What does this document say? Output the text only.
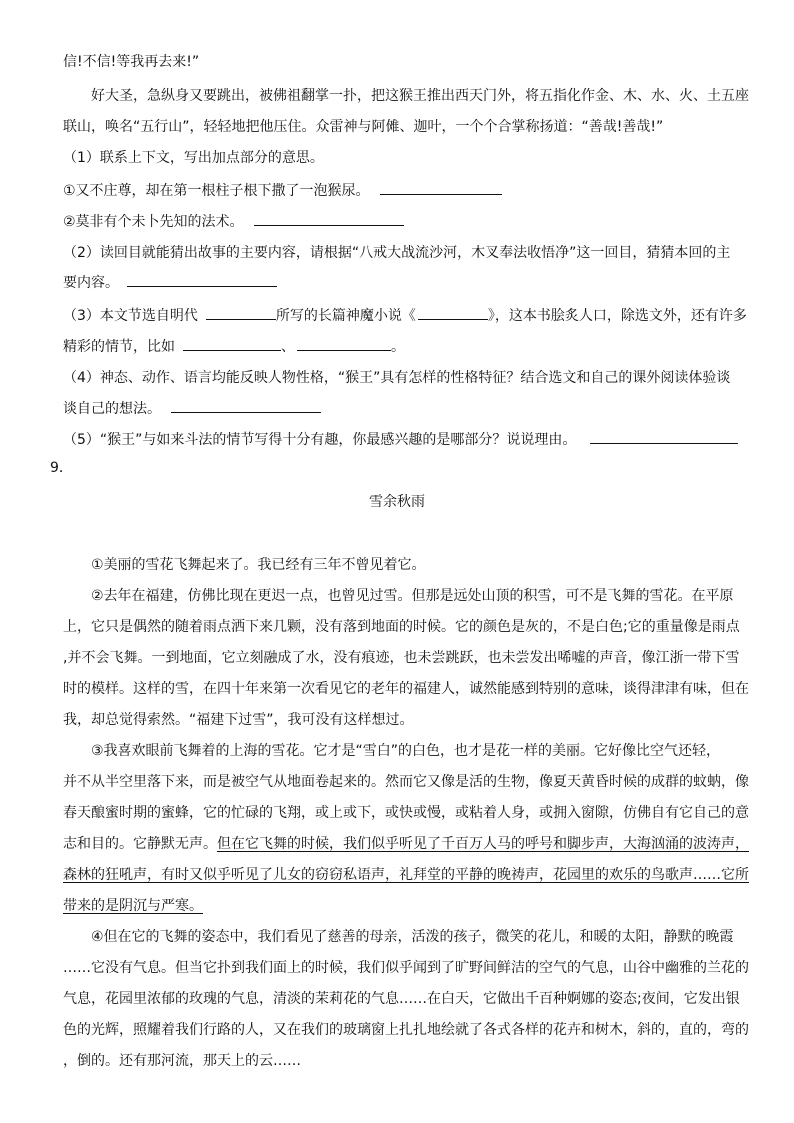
信!不信!等我再去来!”
好大圣，急纵身又要跳出，被佛祖翻掌一扑，把这猴王推出西天门外，将五指化作金、木、水、火、土五座
联山，唤名“五行山”，轻轻地把他压住。众雷神与阿傩、迦叶，一个个合掌称扬道：“善哉!善哉!”
（1）联系上下文，写出加点部分的意思。
①又不庄尊，却在第一根柱子根下撒了一泡猴尿。
②莫非有个未卜先知的法术。
（2）读回目就能猜出故事的主要内容，请根据“八戒大战流沙河，木叉奉法收悟净”这一回目，猜猜本回的主
要内容。
（3）本文节选自明代	所写的长篇神魔小说《	》，这本书脍炙人口，除选文外，还有许多
精彩的情节，比如	、	。
（4）神态、动作、语言均能反映人物性格，“猴王”具有怎样的性格特征？结合选文和自己的课外阅读体验谈
谈自己的想法。
（5）“猴王”与如来斗法的情节写得十分有趣，你最感兴趣的是哪部分？说说理由。
9．
雪余秋雨
①美丽的雪花飞舞起来了。我已经有三年不曾见着它。
②去年在福建，仿佛比现在更迟一点，也曾见过雪。但那是远处山顶的积雪，可不是飞舞的雪花。在平原
上，它只是偶然的随着雨点洒下来几颗，没有落到地面的时候。它的颜色是灰的，不是白色;它的重量像是雨点
,并不会飞舞。一到地面，它立刻融成了水，没有痕迹，也未尝跳跃，也未尝发出唏嘘的声音，像江浙一带下雪
时的模样。这样的雪，在四十年来第一次看见它的老年的福建人，诚然能感到特别的意味，谈得津津有味，但在
我，却总觉得索然。“福建下过雪”，我可没有这样想过。
③我喜欢眼前飞舞着的上海的雪花。它才是“雪白”的白色，也才是花一样的美丽。它好像比空气还轻，
并不从半空里落下来，而是被空气从地面卷起来的。然而它又像是活的生物，像夏天黄昏时候的成群的蚊蚋，像
春天酿蜜时期的蜜蜂，它的忙碌的飞翔，或上或下，或快或慢，或粘着人身，或拥入窗隙，仿佛自有它自己的意
志和目的。它静默无声。但在它飞舞的时候，我们似乎听见了千百万人马的呼号和脚步声，大海汹涌的波涛声，
森林的狂吼声，有时又似乎听见了儿女的窃窃私语声，礼拜堂的平静的晚祷声，花园里的欢乐的鸟歌声……它所
带来的是阴沉与严寒。
④但在它的飞舞的姿态中，我们看见了慈善的母亲，活泼的孩子，微笑的花儿，和暖的太阳，静默的晚霞
……它没有气息。但当它扑到我们面上的时候，我们似乎闻到了旷野间鲜洁的空气的气息，山谷中幽雅的兰花的
气息，花园里浓郁的玫瑰的气息，清淡的茉莉花的气息……在白天，它做出千百种婀娜的姿态;夜间，它发出银
色的光辉，照耀着我们行路的人，又在我们的玻璃窗上扎扎地绘就了各式各样的花卉和树木，斜的，直的，弯的
，倒的。还有那河流，那天上的云……
